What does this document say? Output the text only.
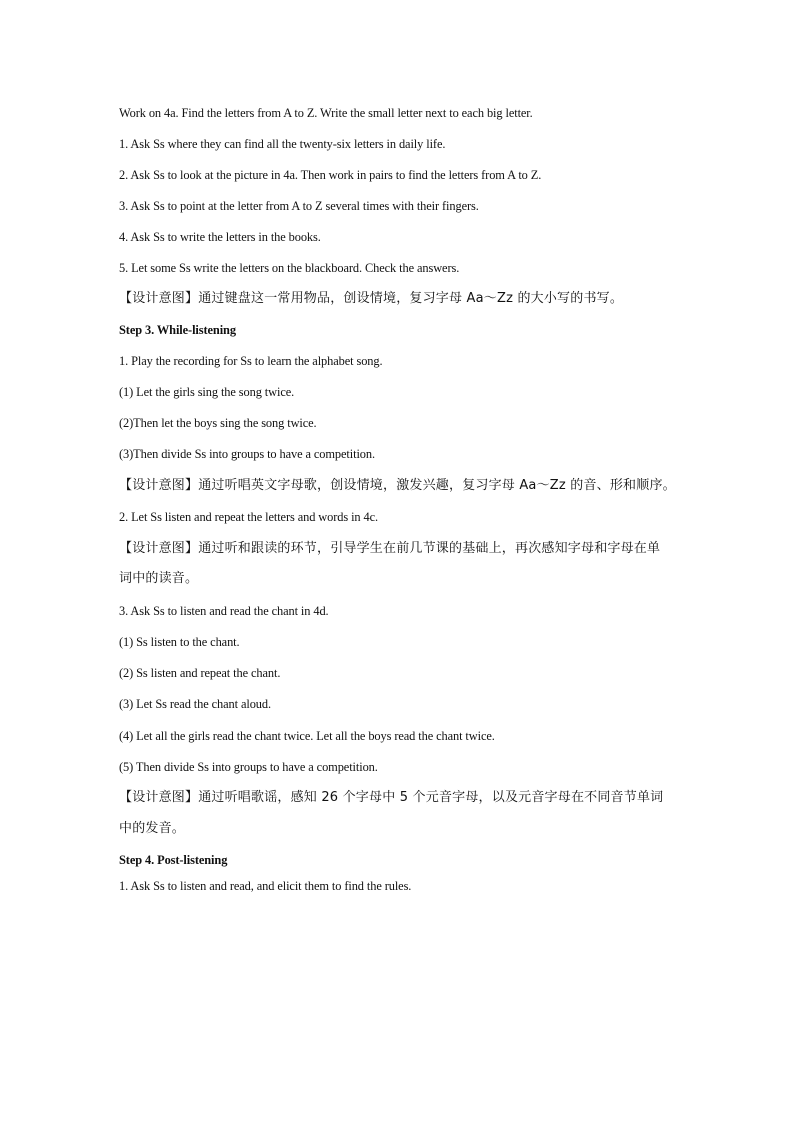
Work on 4a. Find the letters from A to Z. Write the small letter next to each big letter.
1. Ask Ss where they can find all the twenty-six letters in daily life.
2. Ask Ss to look at the picture in 4a. Then work in pairs to find the letters from A to Z.
3. Ask Ss to point at the letter from A to Z several times with their fingers.
4. Ask Ss to write the letters in the books.
5. Let some Ss write the letters on the blackboard. Check the answers.
【设计意图】通过键盘这一常用物品，创设情境，复习字母 Aa～Zz 的大小写的书写。
Step 3. While-listening
1. Play the recording for Ss to learn the alphabet song.
(1) Let the girls sing the song twice.
(2)Then let the boys sing the song twice.
(3)Then divide Ss into groups to have a competition.
【设计意图】通过听唱英文字母歌，创设情境，激发兴趣，复习字母 Aa～Zz 的音、形和顺序。
2. Let Ss listen and repeat the letters and words in 4c.
【设计意图】通过听和跟读的环节，引导学生在前几节课的基础上，再次感知字母和字母在单
词中的读音。
3. Ask Ss to listen and read the chant in 4d.
(1) Ss listen to the chant.
(2) Ss listen and repeat the chant.
(3) Let Ss read the chant aloud.
(4) Let all the girls read the chant twice. Let all the boys read the chant twice.
(5) Then divide Ss into groups to have a competition.
【设计意图】通过听唱歌谣，感知 26 个字母中 5 个元音字母，以及元音字母在不同音节单词
中的发音。
Step 4. Post-listening
1. Ask Ss to listen and read, and elicit them to find the rules.
